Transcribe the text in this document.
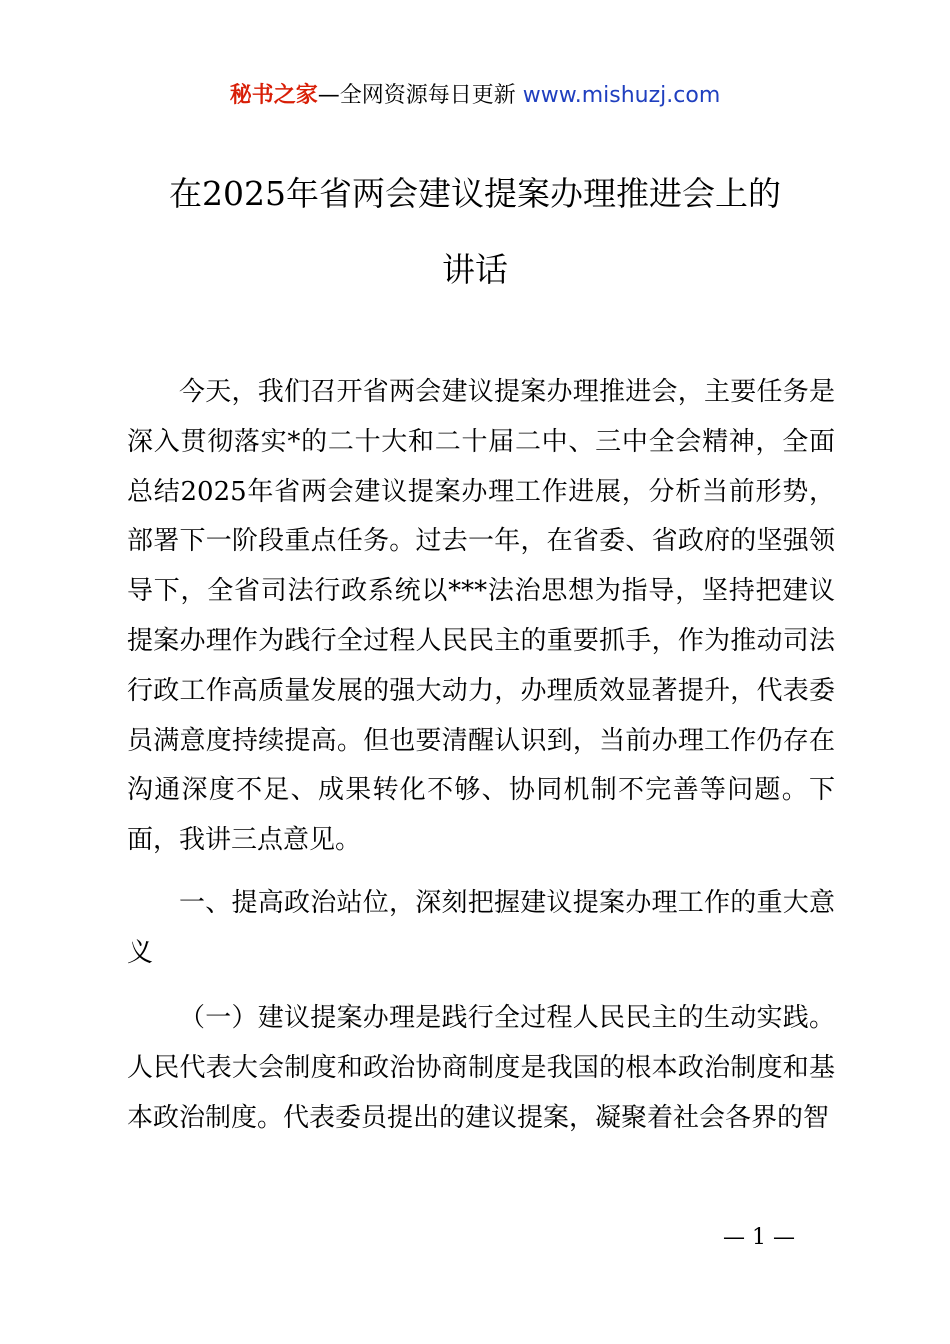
秘书之家—全网资源每日更新 www.mishuzj.com
在2025年省两会建议提案办理推进会上的
讲话

今天，我们召开省两会建议提案办理推进会，主要任务是深入贯彻落实*的二十大和二十届二中、三中全会精神，全面总结2025年省两会建议提案办理工作进展，分析当前形势，部署下一阶段重点任务。过去一年，在省委、省政府的坚强领导下，全省司法行政系统以***法治思想为指导，坚持把建议提案办理作为践行全过程人民民主的重要抓手，作为推动司法行政工作高质量发展的强大动力，办理质效显著提升，代表委员满意度持续提高。但也要清醒认识到，当前办理工作仍存在沟通深度不足、成果转化不够、协同机制不完善等问题。下面，我讲三点意见。

一、提高政治站位，深刻把握建议提案办理工作的重大意义

（一）建议提案办理是践行全过程人民民主的生动实践。人民代表大会制度和政治协商制度是我国的根本政治制度和基本政治制度。代表委员提出的建议提案，凝聚着社会各界的智

— 1 —
